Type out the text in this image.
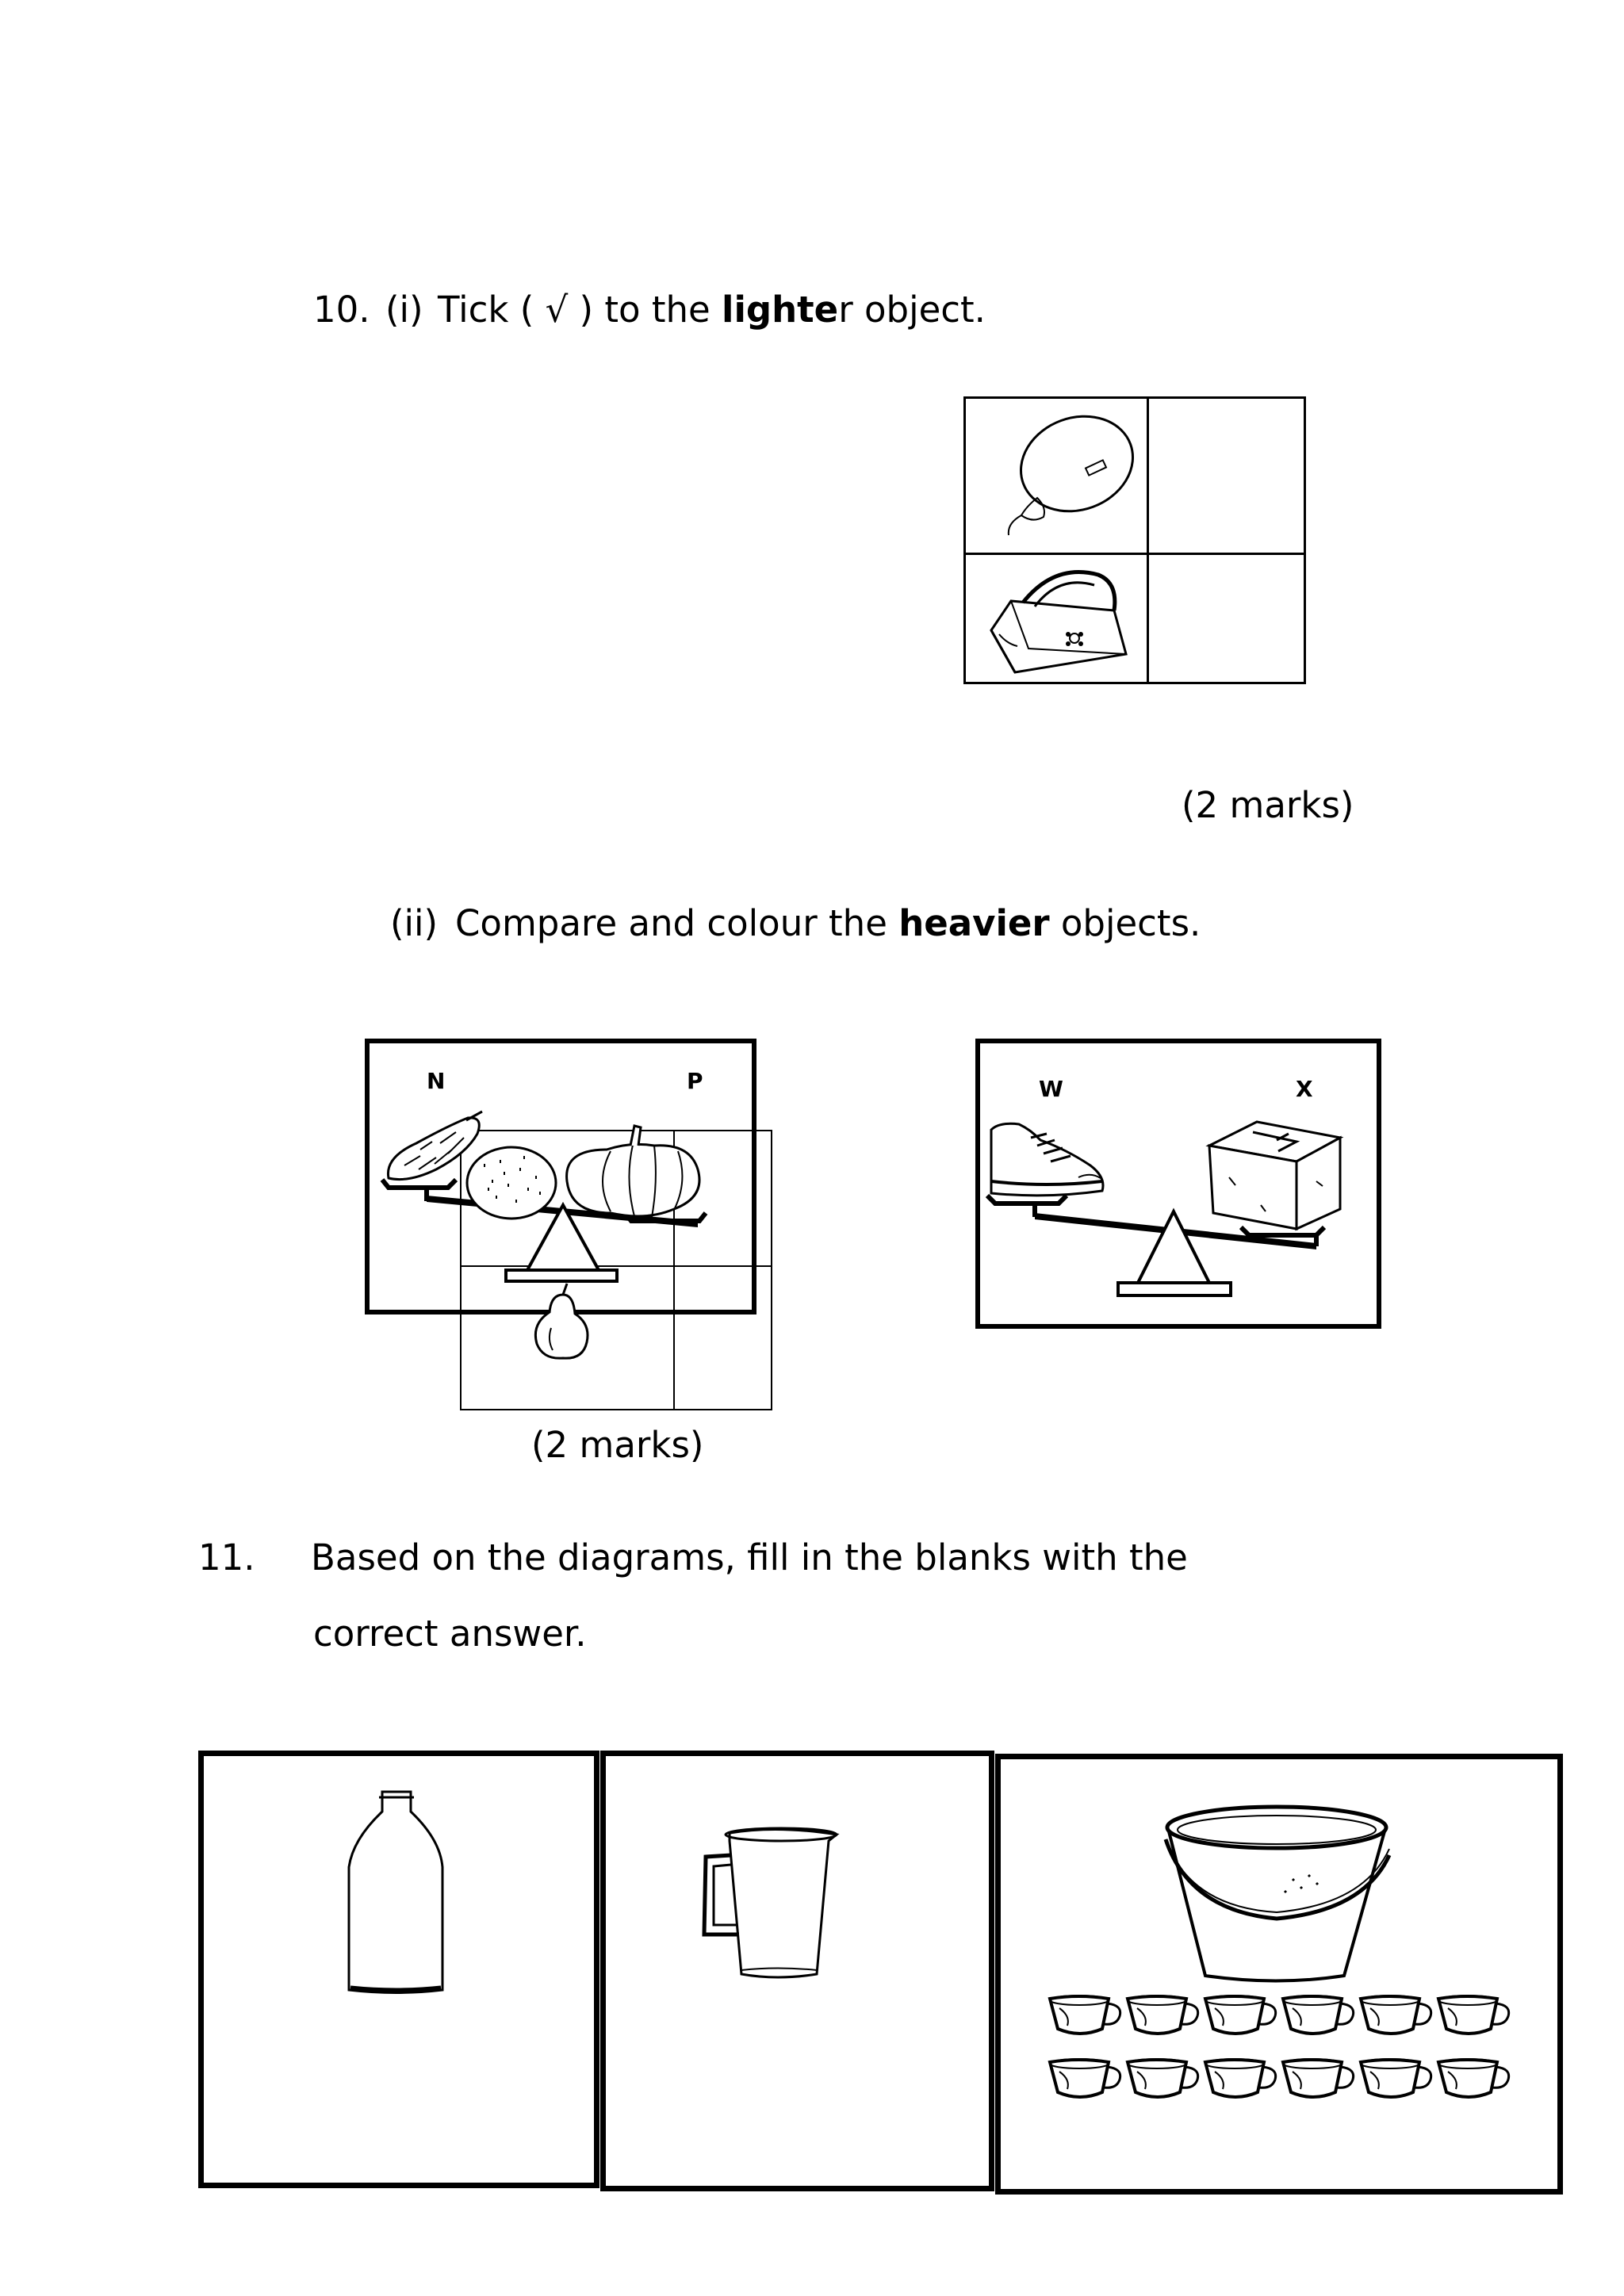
10. (i) Tick ( √ ) to the lighter object.
(2 marks)
(ii) Compare and colour the heavier objects.
N	P
(2 marks)
W	X
11. Based on the diagrams, fill in the blanks with the
correct answer.
